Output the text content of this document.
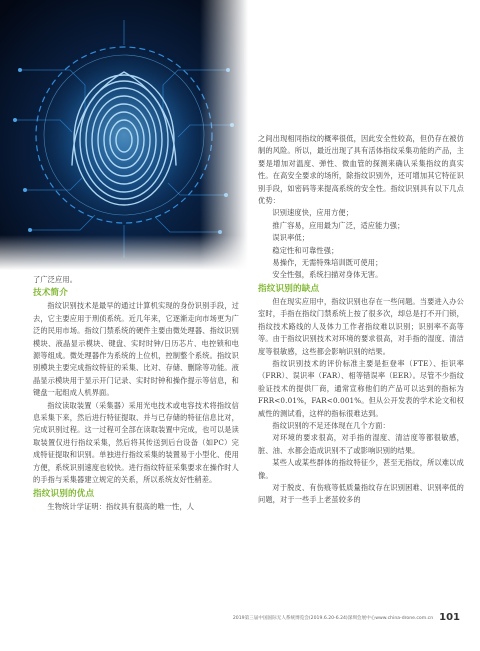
了广泛应用。

技术简介

指纹识别技术是最早的通过计算机实现的身份识别手段，过去，它主要应用于刑侦系统。近几年来，它逐渐走向市场更为广泛的民用市场。指纹门禁系统的硬件主要由微处理器、指纹识别模块、液晶显示模块、键盘、实时时钟/日历芯片、电控锁和电源等组成。微处理器作为系统的上位机，控制整个系统。指纹识别模块主要完成指纹特征的采集、比对、存储、删除等功能。液晶显示模块用于显示开门记录、实时时钟和操作提示等信息，和键盘一起组成人机界面。

指纹读取装置（采集器）采用光电技术或电容技术将指纹信息采集下来，然后进行特征提取、并与已存储的特征信息比对，完成识别过程。这一过程可全部在读取装置中完成，也可以是读取装置仅进行指纹采集，然后将其传送到后台设备（如PC）完成特征提取和识别。单独进行指纹采集的装置易于小型化、使用方便，系统识别速度也较快。进行指纹特征采集要求在操作时人的手指与采集器建立规定的关系，所以系统友好性稍差。

指纹识别的优点

生物统计学证明：指纹具有很高的唯一性，人

之间出现相同指纹的概率很低，因此安全性较高，但仍存在被仿制的风险。所以，最近出现了具有活体指纹采集功能的产品，主要是增加对温度、弹性、微血管的探测来确认采集指纹的真实性。在高安全要求的场所，除指纹识别外，还可增加其它特征识别手段，如密码等来提高系统的安全性。指纹识别具有以下几点优势：

识别速度快，应用方便；

推广容易，应用最为广泛，适应能力强；

误识率低；

稳定性和可靠性强；

易操作，无需特殊培训既可使用；

安全性强，系统扫描对身体无害。

指纹识别的缺点

但在现实应用中，指纹识别也存在一些问题。当要进入办公室时，手指在指纹门禁系统上按了很多次，却总是打不开门锁，指纹技术路线的人及体力工作者指纹难以识别；识别率不高等等。由于指纹识别技术对环境的要求很高，对手指的湿度、清洁度等很敏感，这些都会影响识别的结果。

指纹识别技术的评价标准主要是拒登率（FTE）、拒识率（FRR）、误识率（FAR）、相等错误率（EER）。尽管不少指纹验证技术的提供厂商，通常宣称他们的产品可以达到的指标为FRR<0.01%，FAR<0.001%。但从公开发表的学术论文和权威性的测试看，这样的指标很难达到。

指纹识别的不足还体现在几个方面：

对环境的要求很高，对手指的湿度、清洁度等都很敏感，脏、油、水都会造成识别不了或影响识别的结果。

某些人或某些群体的指纹特征少，甚至无指纹，所以难以成像。

对于脱皮、有伤痕等低质量指纹存在识别困难、识别率低的问题，对于一些手上老茧较多的

2019第三届中国国际无人系统博览会(2019.6.20-6.24)深圳会展中心www.china-drone.com.cn 101
